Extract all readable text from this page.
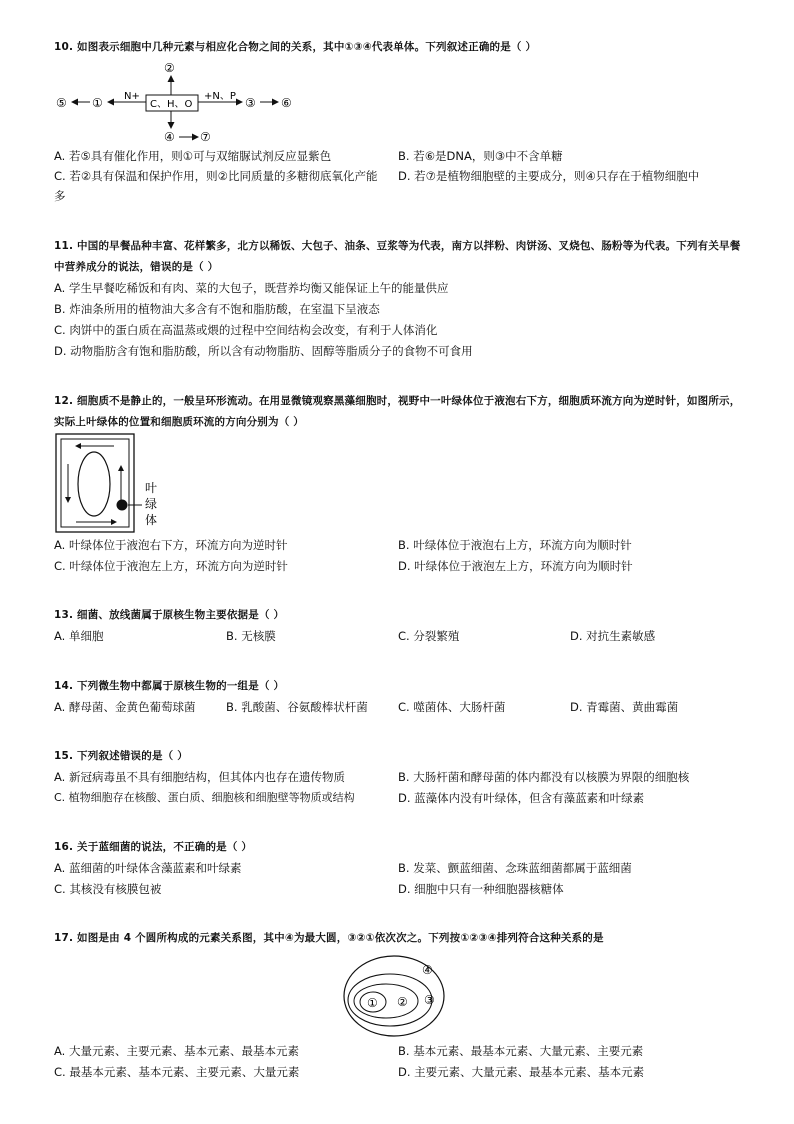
10. 如图表示细胞中几种元素与相应化合物之间的关系，其中①③④代表单体。下列叙述正确的是（ ）
②
C、H、O
N+
①
⑤	+N、P ③ ⑥
④ ⑦
A. 若⑤具有催化作用，则①可与双缩脲试剂反应显紫色	B. 若⑥是DNA，则③中不含单糖
C. 若②具有保温和保护作用，则②比同质量的多糖彻底氧化产能多
D. 若⑦是植物细胞壁的主要成分，则④只存在于植物细胞中
11. 中国的早餐品种丰富、花样繁多，北方以稀饭、大包子、油条、豆浆等为代表，南方以拌粉、肉饼汤、叉烧包、肠粉等为代表。下列有关早餐中营养成分的说法，错误的是（ ）
A. 学生早餐吃稀饭和有肉、菜的大包子，既营养均衡又能保证上午的能量供应
B. 炸油条所用的植物油大多含有不饱和脂肪酸，在室温下呈液态
C. 肉饼中的蛋白质在高温蒸或煨的过程中空间结构会改变，有利于人体消化
D. 动物脂肪含有饱和脂肪酸，所以含有动物脂肪、固醇等脂质分子的食物不可食用
12. 细胞质不是静止的，一般呈环形流动。在用显微镜观察黑藻细胞时，视野中一叶绿体位于液泡右下方，细胞质环流方向为逆时针，如图所示，实际上叶绿体的位置和细胞质环流的方向分别为（ ）
叶
绿
体
A. 叶绿体位于液泡右下方，环流方向为逆时针	B. 叶绿体位于液泡右上方，环流方向为顺时针
C. 叶绿体位于液泡左上方，环流方向为逆时针	D. 叶绿体位于液泡左上方，环流方向为顺时针
13. 细菌、放线菌属于原核生物主要依据是（ ）
A. 单细胞	B. 无核膜	C. 分裂繁殖	D. 对抗生素敏感
14. 下列微生物中都属于原核生物的一组是（ ）
A. 酵母菌、金黄色葡萄球菌	B. 乳酸菌、谷氨酸棒状杆菌	C. 噬菌体、大肠杆菌	D. 青霉菌、黄曲霉菌
15. 下列叙述错误的是（ ）
A. 新冠病毒虽不具有细胞结构，但其体内也存在遗传物质	B. 大肠杆菌和酵母菌的体内都没有以核膜为界限的细胞核
C. 植物细胞存在核酸、蛋白质、细胞核和细胞壁等物质或结构	D. 蓝藻体内没有叶绿体，但含有藻蓝素和叶绿素
16. 关于蓝细菌的说法，不正确的是（ ）
A. 蓝细菌的叶绿体含藻蓝素和叶绿素	B. 发菜、颤蓝细菌、念珠蓝细菌都属于蓝细菌
C. 其核没有核膜包被	D. 细胞中只有一种细胞器核糖体
17. 如图是由 4 个圆所构成的元素关系图，其中④为最大圆，③②①依次次之。下列按①②③④排列符合这种关系的是
① ② ③
④
A. 大量元素、主要元素、基本元素、最基本元素	B. 基本元素、最基本元素、大量元素、主要元素
C. 最基本元素、基本元素、主要元素、大量元素	D. 主要元素、大量元素、最基本元素、基本元素
